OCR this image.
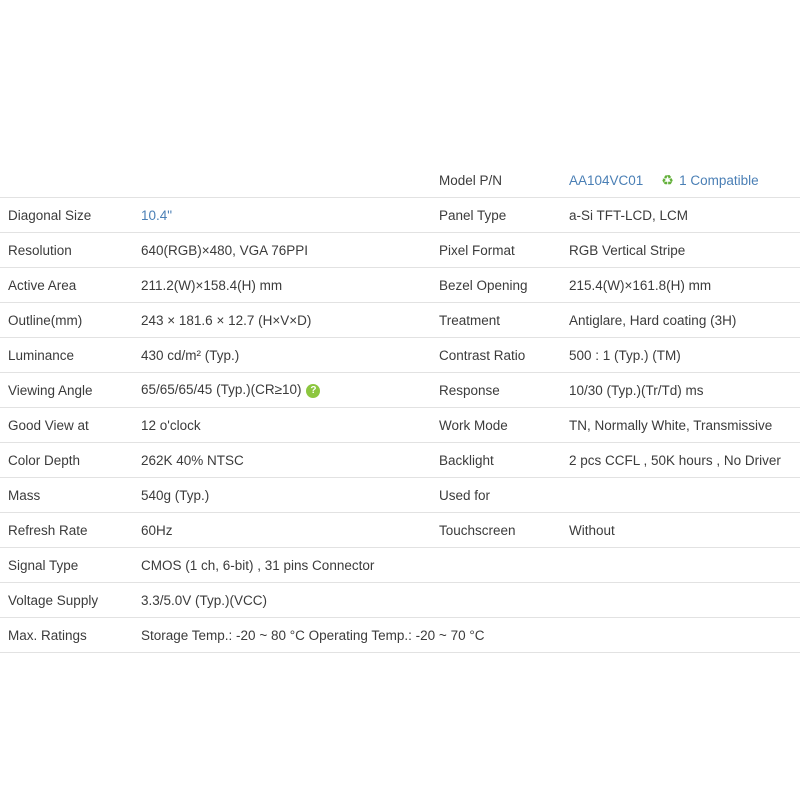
		Model P/N	AA104VC01 ♻ 1 Compatible

Diagonal Size	10.4"	Panel Type	a-Si TFT-LCD, LCM
Resolution	640(RGB)×480, VGA 76PPI	Pixel Format	RGB Vertical Stripe
Active Area	211.2(W)×158.4(H) mm	Bezel Opening	215.4(W)×161.8(H) mm
Outline(mm)	243 × 181.6 × 12.7 (H×V×D)	Treatment	Antiglare, Hard coating (3H)
Luminance	430 cd/m² (Typ.)	Contrast Ratio	500 : 1 (Typ.) (TM)
Viewing Angle	65/65/65/45 (Typ.)(CR≥10) ?	Response	10/30 (Typ.)(Tr/Td) ms
Good View at	12 o'clock	Work Mode	TN, Normally White, Transmissive
Color Depth	262K 40% NTSC	Backlight	2 pcs CCFL , 50K hours , No Driver
Mass	540g (Typ.)	Used for	
Refresh Rate	60Hz	Touchscreen	Without
Signal Type	CMOS (1 ch, 6-bit) , 31 pins Connector		
Voltage Supply	3.3/5.0V (Typ.)(VCC)		
Max. Ratings	Storage Temp.: -20 ~ 80 °C Operating Temp.: -20 ~ 70 °C		
